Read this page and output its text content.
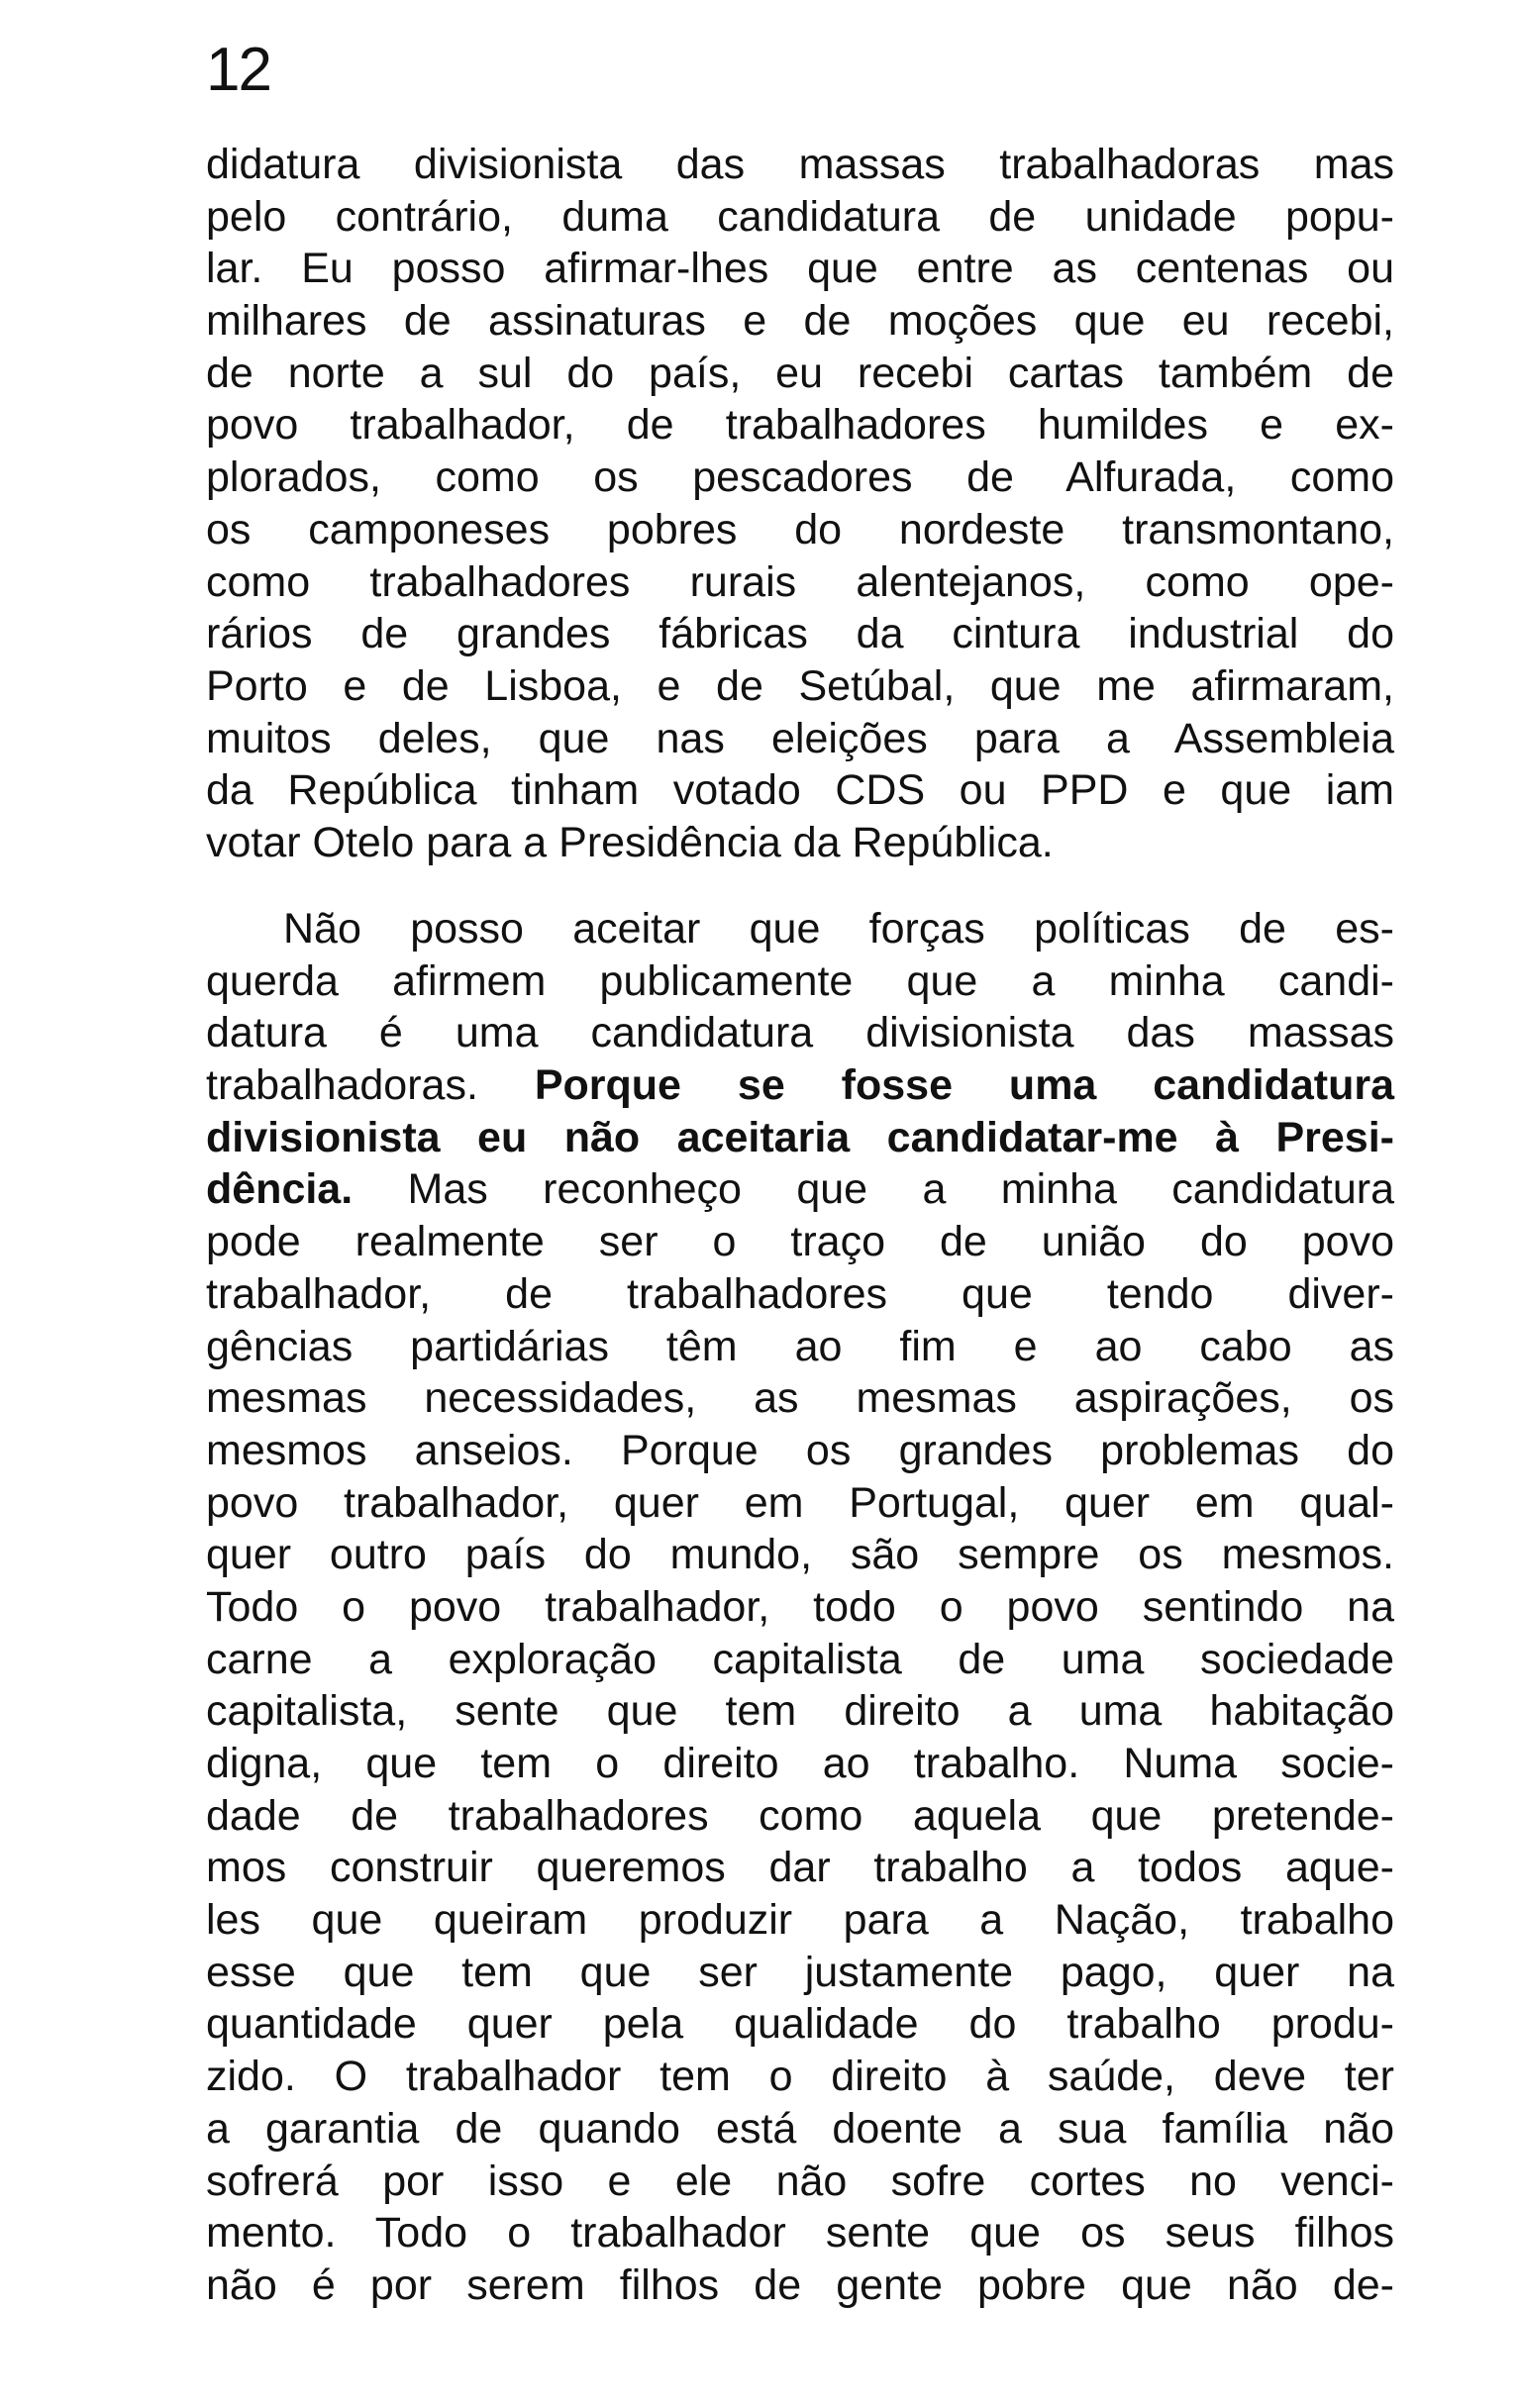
12
didatura divisionista das massas trabalhadoras mas
pelo contrário, duma candidatura de unidade popu-
lar. Eu posso afirmar-lhes que entre as centenas ou
milhares de assinaturas e de moções que eu recebi,
de norte a sul do país, eu recebi cartas também de
povo trabalhador, de trabalhadores humildes e ex-
plorados, como os pescadores de Alfurada, como
os camponeses pobres do nordeste transmontano,
como trabalhadores rurais alentejanos, como ope-
rários de grandes fábricas da cintura industrial do
Porto e de Lisboa, e de Setúbal, que me afirmaram,
muitos deles, que nas eleições para a Assembleia
da República tinham votado CDS ou PPD e que iam
votar Otelo para a Presidência da República.
Não posso aceitar que forças políticas de es-
querda afirmem publicamente que a minha candi-
datura é uma candidatura divisionista das massas
trabalhadoras. Porque se fosse uma candidatura
divisionista eu não aceitaria candidatar-me à Presi-
dência. Mas reconheço que a minha candidatura
pode realmente ser o traço de união do povo
trabalhador, de trabalhadores que tendo diver-
gências partidárias têm ao fim e ao cabo as
mesmas necessidades, as mesmas aspirações, os
mesmos anseios. Porque os grandes problemas do
povo trabalhador, quer em Portugal, quer em qual-
quer outro país do mundo, são sempre os mesmos.
Todo o povo trabalhador, todo o povo sentindo na
carne a exploração capitalista de uma sociedade
capitalista, sente que tem direito a uma habitação
digna, que tem o direito ao trabalho. Numa socie-
dade de trabalhadores como aquela que pretende-
mos construir queremos dar trabalho a todos aque-
les que queiram produzir para a Nação, trabalho
esse que tem que ser justamente pago, quer na
quantidade quer pela qualidade do trabalho produ-
zido. O trabalhador tem o direito à saúde, deve ter
a garantia de quando está doente a sua família não
sofrerá por isso e ele não sofre cortes no venci-
mento. Todo o trabalhador sente que os seus filhos
não é por serem filhos de gente pobre que não de-
